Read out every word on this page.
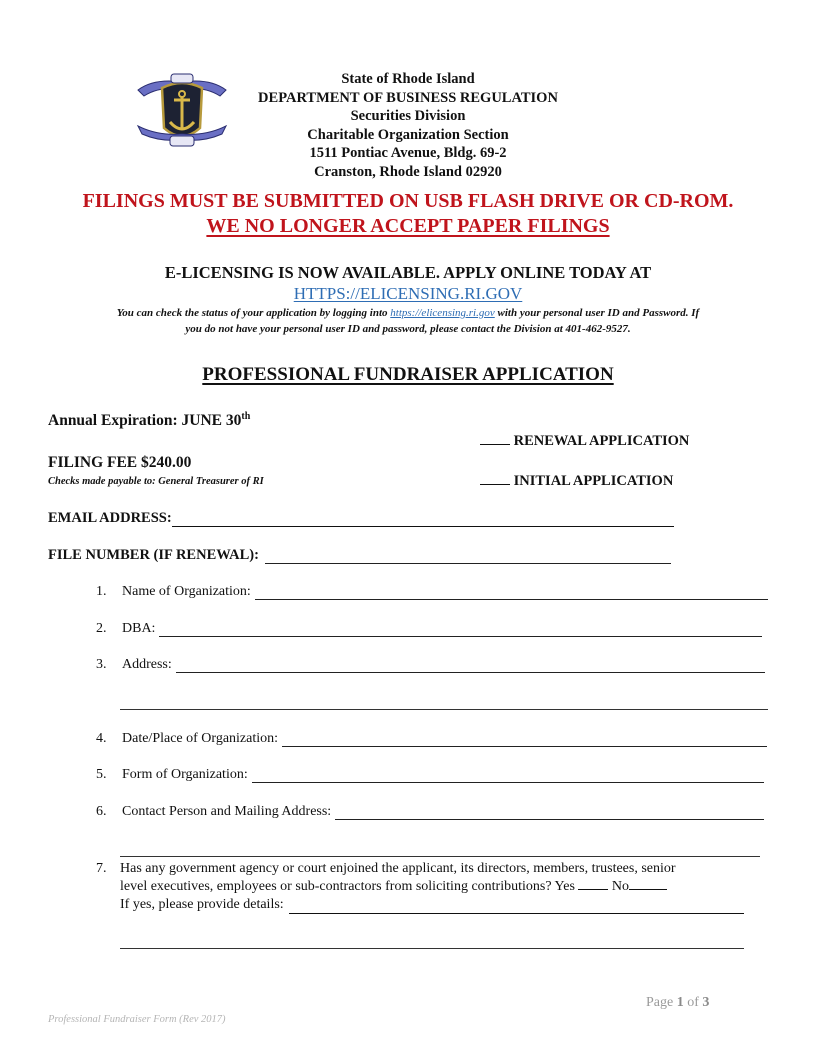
State of Rhode Island
DEPARTMENT OF BUSINESS REGULATION
Securities Division
Charitable Organization Section
1511 Pontiac Avenue, Bldg. 69-2
Cranston, Rhode Island 02920
FILINGS MUST BE SUBMITTED ON USB FLASH DRIVE OR CD-ROM.
WE NO LONGER ACCEPT PAPER FILINGS
E-LICENSING IS NOW AVAILABLE. APPLY ONLINE TODAY AT
HTTPS://ELICENSING.RI.GOV
You can check the status of your application by logging into https://elicensing.ri.gov with your personal user ID and Password. If
you do not have your personal user ID and password, please contact the Division at 401-462-9527.
PROFESSIONAL FUNDRAISER APPLICATION
Annual Expiration: JUNE 30th
FILING FEE $240.00
Checks made payable to: General Treasurer of RI
RENEWAL APPLICATION
INITIAL APPLICATION
EMAIL ADDRESS:
FILE NUMBER (IF RENEWAL):
1.	Name of Organization:
2.	DBA:
3.	Address:
4.	Date/Place of Organization:
5.	Form of Organization:
6.	Contact Person and Mailing Address:
7. Has any government agency or court enjoined the applicant, its directors, members, trustees, senior
level executives, employees or sub-contractors from soliciting contributions? Yes	No
If yes, please provide details:
Page 1 of 3
Professional Fundraiser Form (Rev 2017)
